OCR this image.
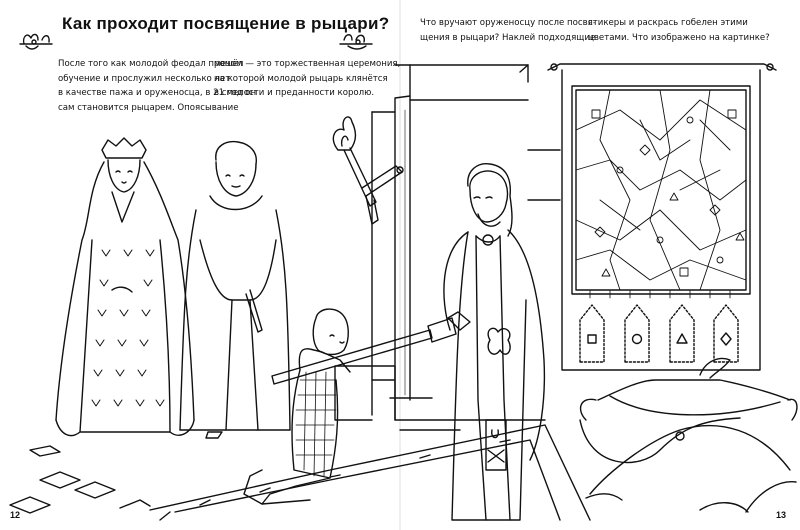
Как проходит посвящение в рыцари?
После того как молодой феодал прошёл
обучение и прослужил несколько лет
в качестве пажа и оруженосца, в 21 год он
сам становится рыцарем. Опоясывание
мечом — это торжественная церемония,
на которой молодой рыцарь клянётся
в смелости и преданности королю.
Что вручают оруженосцу после посвя-
щения в рыцари? Наклей подходящие
стикеры и раскрась гобелен этими
цветами. Что изображено на картинке?
12	13
